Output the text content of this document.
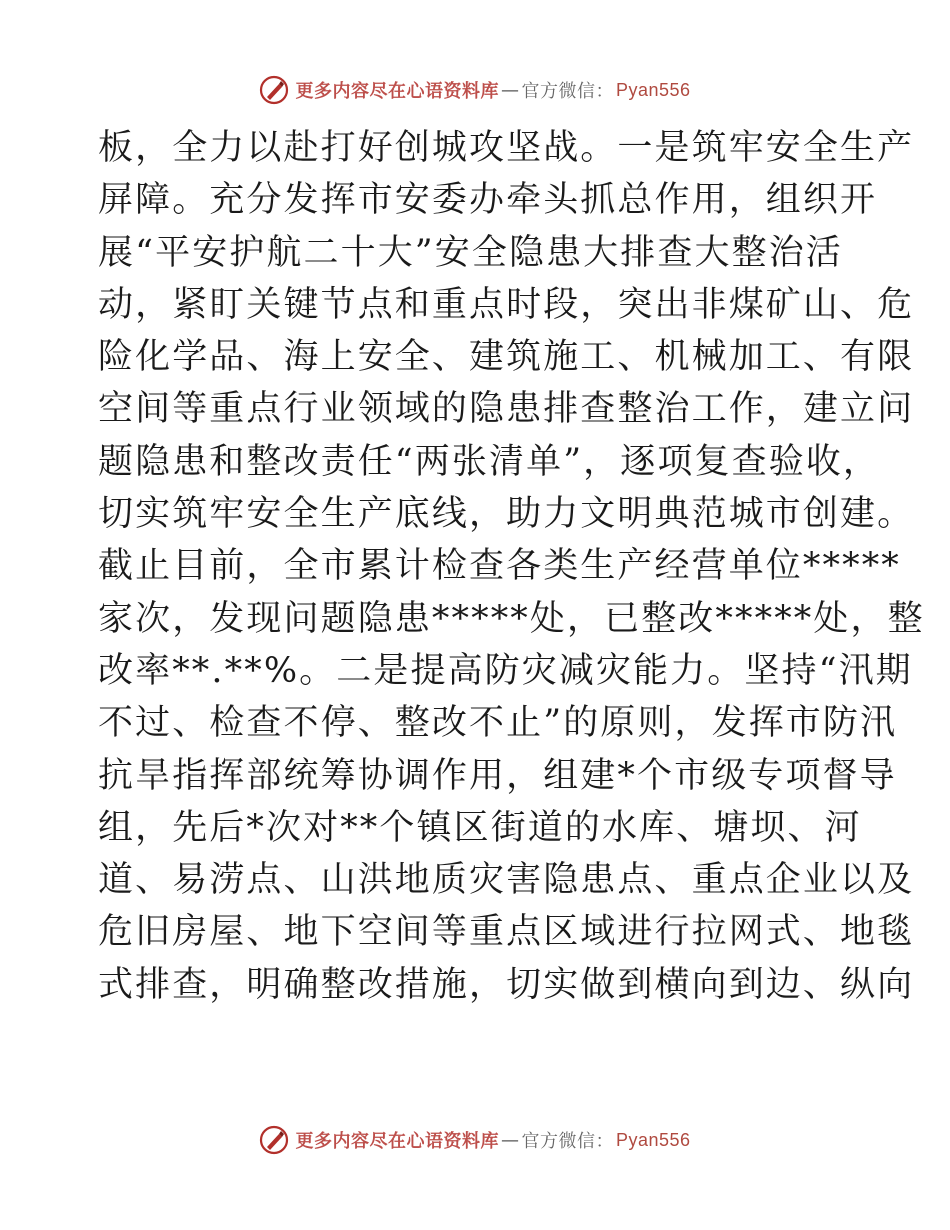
更多内容尽在心语资料库 — 官方微信： Pyan556
板，全力以赴打好创城攻坚战。一是筑牢安全生产
屏障。充分发挥市安委办牵头抓总作用，组织开
展“平安护航二十大”安全隐患大排查大整治活
动，紧盯关键节点和重点时段，突出非煤矿山、危
险化学品、海上安全、建筑施工、机械加工、有限
空间等重点行业领域的隐患排查整治工作，建立问
题隐患和整改责任“两张清单”，逐项复查验收，
切实筑牢安全生产底线，助力文明典范城市创建。
截止目前，全市累计检查各类生产经营单位*****
家次，发现问题隐患*****处，已整改*****处，整
改率**.**%。二是提高防灾减灾能力。坚持“汛期
不过、检查不停、整改不止”的原则，发挥市防汛
抗旱指挥部统筹协调作用，组建*个市级专项督导
组，先后*次对**个镇区街道的水库、塘坝、河
道、易涝点、山洪地质灾害隐患点、重点企业以及
危旧房屋、地下空间等重点区域进行拉网式、地毯
式排查，明确整改措施，切实做到横向到边、纵向
更多内容尽在心语资料库 — 官方微信： Pyan556
